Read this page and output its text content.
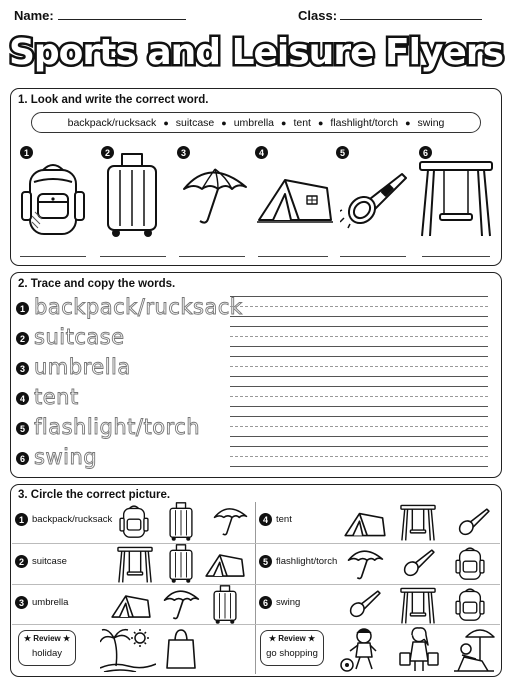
Name:	Class:
Sports and Leisure Flyers
1. Look and write the correct word.
backpack/rucksack ● suitcase ● umbrella ● tent ● flashlight/torch ● swing
1	2	3	4	5	6
2. Trace and copy the words.
1 backpack/rucksack
2 suitcase
3 umbrella
4 tent
5 flashlight/torch
6 swing
3. Circle the correct picture.
1 backpack/rucksack
2 suitcase
3 umbrella
4 tent
5 flashlight/torch
6 swing
★ Review ★
holiday
★ Review ★
go shopping
